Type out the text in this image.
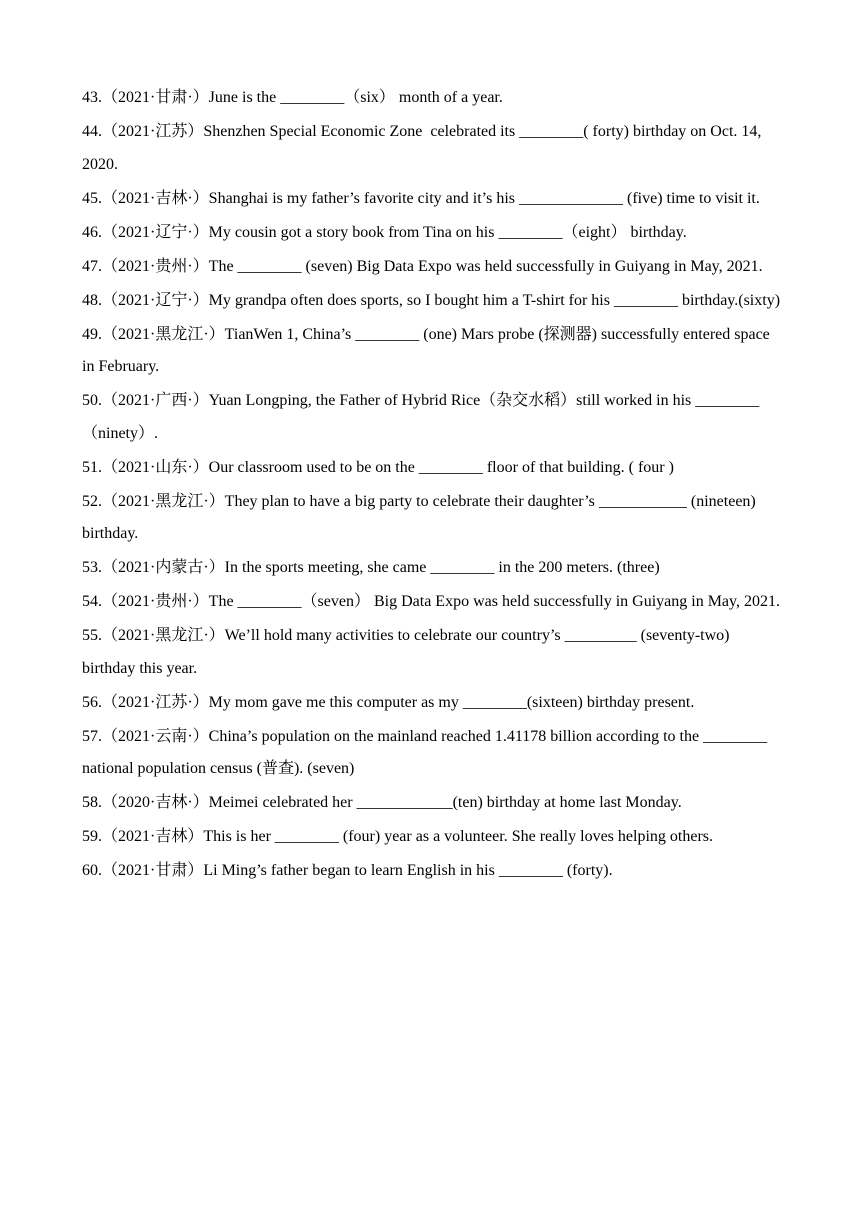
43.（2021·甘肃·）June is the ________（six） month of a year.

44.（2021·江苏）Shenzhen Special Economic Zone  celebrated its ________( forty) birthday on Oct. 14, 2020.

45.（2021·吉林·）Shanghai is my father’s favorite city and it’s his _____________ (five) time to visit it.

46.（2021·辽宁·）My cousin got a story book from Tina on his ________（eight） birthday.

47.（2021·贵州·）The ________ (seven) Big Data Expo was held successfully in Guiyang in May, 2021.

48.（2021·辽宁·）My grandpa often does sports, so I bought him a T-shirt for his ________ birthday.(sixty)

49.（2021·黑龙江·）TianWen 1, China’s ________ (one) Mars probe (探测器) successfully entered space in February.

50.（2021·广西·）Yuan Longping, the Father of Hybrid Rice（杂交水稻）still worked in his ________（ninety）.

51.（2021·山东·）Our classroom used to be on the ________ floor of that building. ( four )

52.（2021·黑龙江·）They plan to have a big party to celebrate their daughter’s ___________ (nineteen) birthday.

53.（2021·内蒙古·）In the sports meeting, she came ________ in the 200 meters. (three)

54.（2021·贵州·）The ________（seven） Big Data Expo was held successfully in Guiyang in May, 2021.

55.（2021·黑龙江·）We’ll hold many activities to celebrate our country’s _________ (seventy-two) birthday this year.

56.（2021·江苏·）My mom gave me this computer as my ________(sixteen) birthday present.

57.（2021·云南·）China’s population on the mainland reached 1.41178 billion according to the ________ national population census (普查). (seven)

58.（2020·吉林·）Meimei celebrated her ____________(ten) birthday at home last Monday.

59.（2021·吉林）This is her ________ (four) year as a volunteer. She really loves helping others.

60.（2021·甘肃）Li Ming’s father began to learn English in his ________ (forty).
